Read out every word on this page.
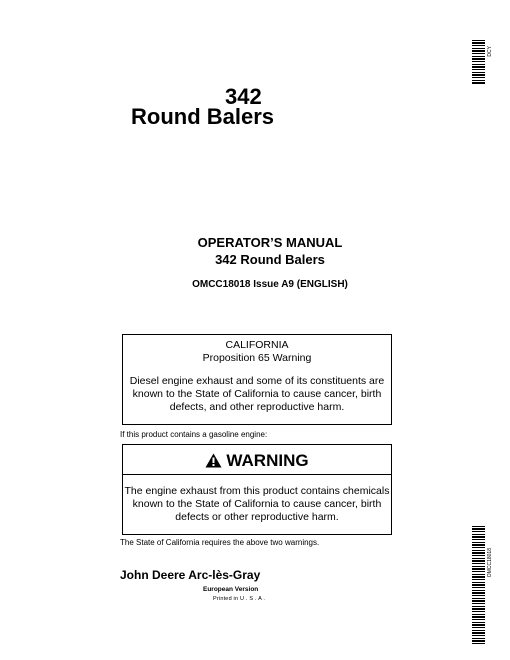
342
Round Balers
DCY
OPERATOR’S MANUAL
342 Round Balers
OMCC18018 Issue A9 (ENGLISH)
CALIFORNIA
Proposition 65 Warning
Diesel engine exhaust and some of its constituents are known to the State of California to cause cancer, birth defects, and other reproductive harm.
If this product contains a gasoline engine:
WARNING
The engine exhaust from this product contains chemicals known to the State of California to cause cancer, birth defects or other reproductive harm.
The State of California requires the above two warnings.
John Deere Arc-lès-Gray
European Version
Printed in U . S . A .
OMCC18018
